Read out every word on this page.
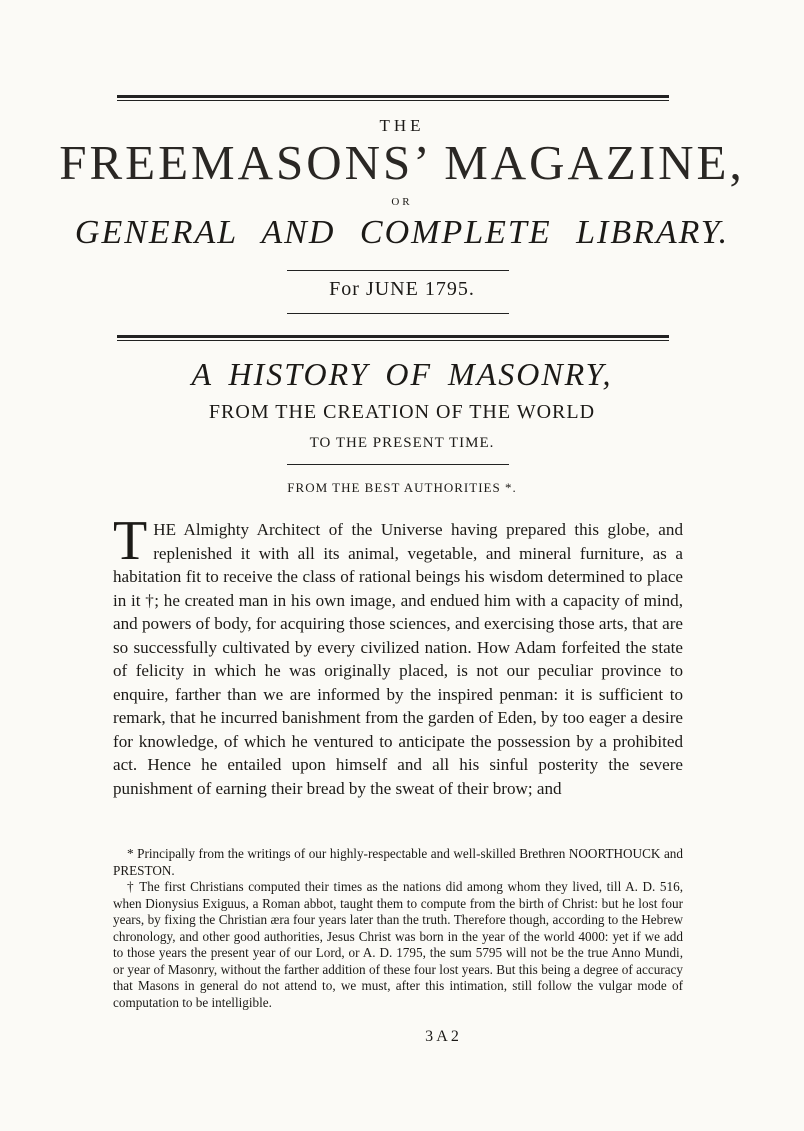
THE
FREEMASONS’ MAGAZINE,
OR
GENERAL AND COMPLETE LIBRARY.
For JUNE 1795.
A HISTORY OF MASONRY,
FROM THE CREATION OF THE WORLD
TO THE PRESENT TIME.
FROM THE BEST AUTHORITIES *.

THE Almighty Architect of the Universe having prepared this globe, and replenished it with all its animal, vegetable, and mineral furniture, as a habitation fit to receive the class of rational beings his wisdom determined to place in it †; he created man in his own image, and endued him with a capacity of mind, and powers of body, for acquiring those sciences, and exercising those arts, that are so successfully cultivated by every civilized nation. How Adam forfeited the state of felicity in which he was originally placed, is not our peculiar province to enquire, farther than we are informed by the inspired penman: it is sufficient to remark, that he incurred banishment from the garden of Eden, by too eager a desire for knowledge, of which he ventured to anticipate the possession by a prohibited act. Hence he entailed upon himself and all his sinful posterity the severe punishment of earning their bread by the sweat of their brow; and

* Principally from the writings of our highly-respectable and well-skilled Brethren NOORTHOUCK and PRESTON.

† The first Christians computed their times as the nations did among whom they lived, till A. D. 516, when Dionysius Exiguus, a Roman abbot, taught them to compute from the birth of Christ: but he lost four years, by fixing the Christian æra four years later than the truth. Therefore though, according to the Hebrew chronology, and other good authorities, Jesus Christ was born in the year of the world 4000: yet if we add to those years the present year of our Lord, or A. D. 1795, the sum 5795 will not be the true Anno Mundi, or year of Masonry, without the farther addition of these four lost years. But this being a degree of accuracy that Masons in general do not attend to, we must, after this intimation, still follow the vulgar mode of computation to be intelligible.

3 A 2
